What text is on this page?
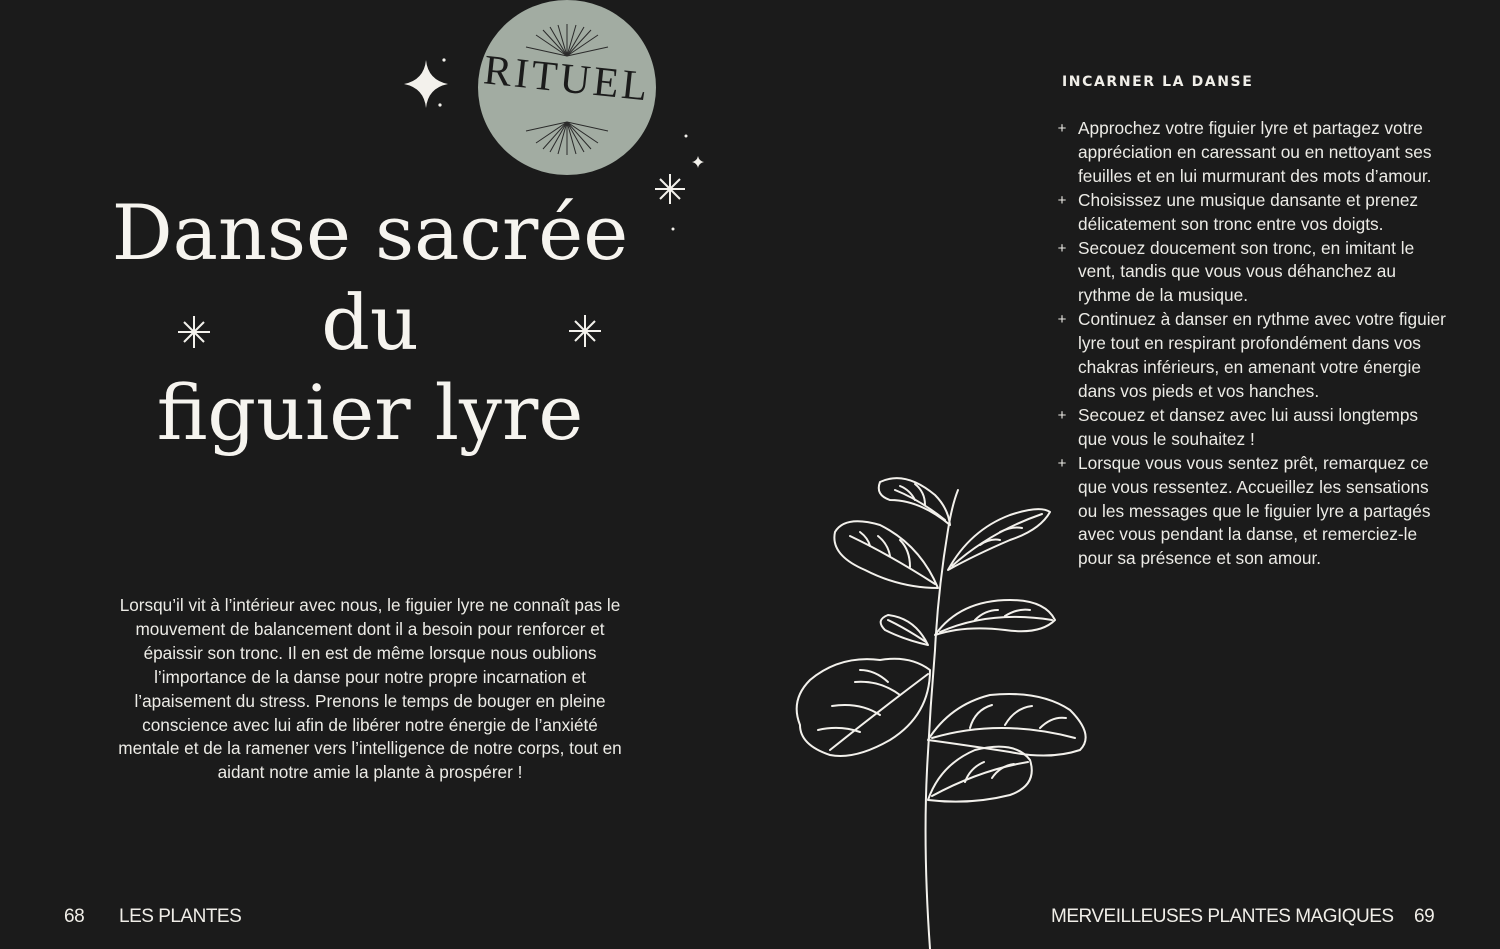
RITUEL
Danse sacrée
du
figuier lyre

Lorsqu’il vit à l’intérieur avec nous, le figuier lyre ne connaît pas le mouvement de balancement dont il a besoin pour renforcer et épaissir son tronc. Il en est de même lorsque nous oublions l’importance de la danse pour notre propre incarnation et l’apaisement du stress. Prenons le temps de bouger en pleine conscience avec lui afin de libérer notre énergie de l’anxiété mentale et de la ramener vers l’intelligence de notre corps, tout en aidant notre amie la plante à prospérer !

68 LES PLANTES
INCARNER LA DANSE
+ Approchez votre figuier lyre et partagez votre appréciation en caressant ou en nettoyant ses feuilles et en lui murmurant des mots d’amour.
+ Choisissez une musique dansante et prenez délicatement son tronc entre vos doigts.
+ Secouez doucement son tronc, en imitant le vent, tandis que vous vous déhanchez au rythme de la musique.
+ Continuez à danser en rythme avec votre figuier lyre tout en respirant profondément dans vos chakras inférieurs, en amenant votre énergie dans vos pieds et vos hanches.
+ Secouez et dansez avec lui aussi longtemps que vous le souhaitez !
+ Lorsque vous vous sentez prêt, remarquez ce que vous ressentez. Accueillez les sensations ou les messages que le figuier lyre a partagés avec vous pendant la danse, et remerciez-le pour sa présence et son amour.
MERVEILLEUSES PLANTES MAGIQUES 69
